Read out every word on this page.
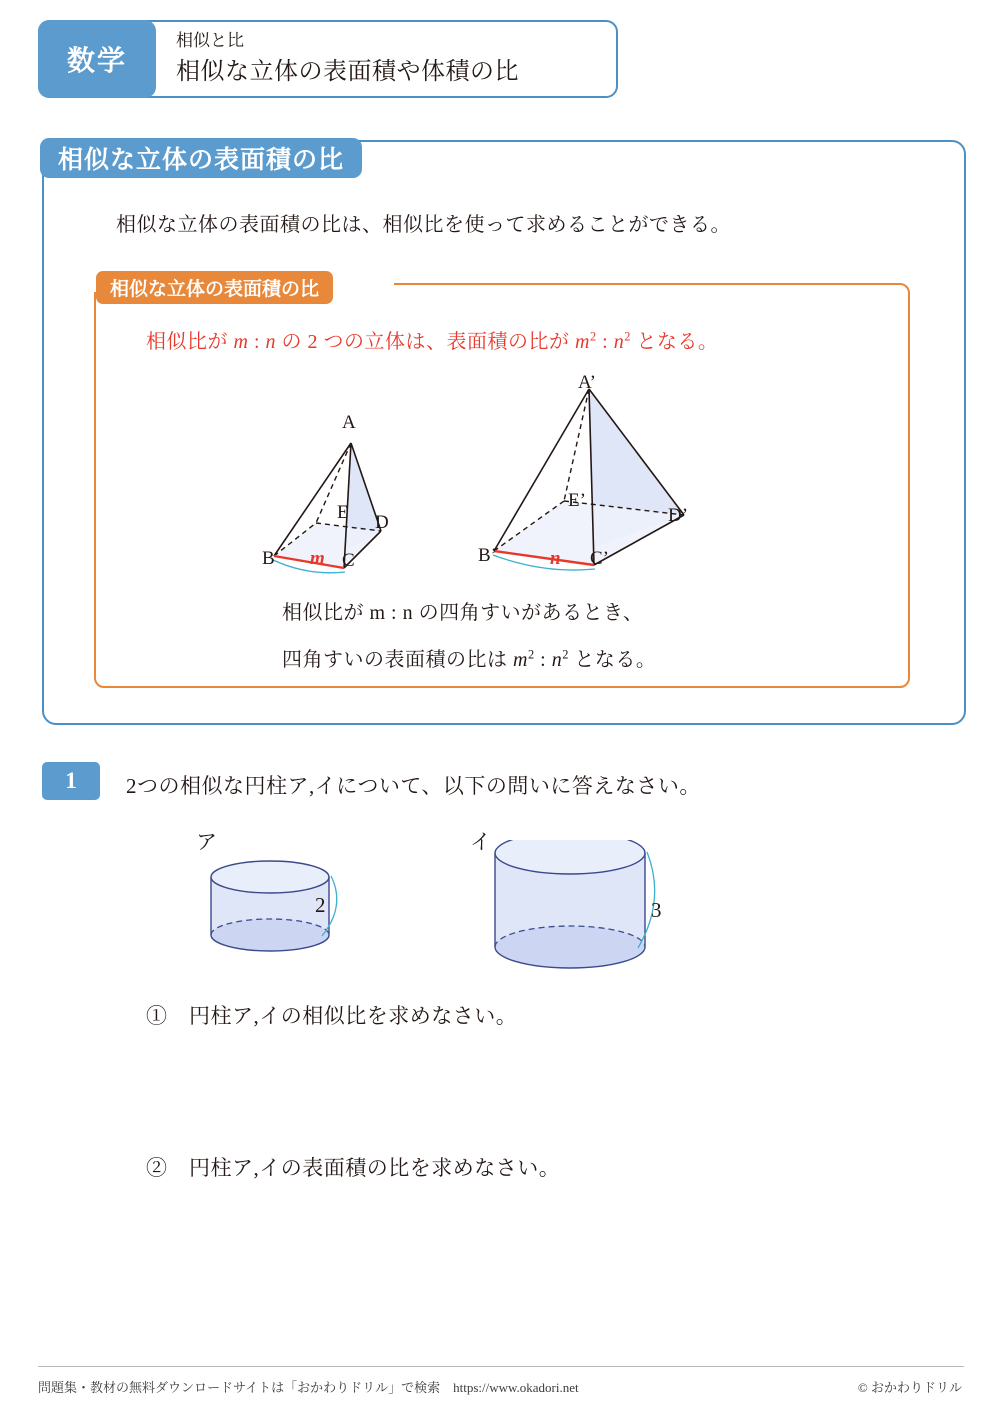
数学
相似と比
相似な立体の表面積や体積の比
相似な立体の表面積の比
相似な立体の表面積の比は、相似比を使って求めることができる。
相似な立体の表面積の比
相似比が m : n の 2 つの立体は、表面積の比が $m^2$ : $n^2$ となる。
A
E D
B	C
m
A’
E’
D’
B’	C’
n
相似比が m : n の四角すいがあるとき、
四角すいの表面積の比は $m^2$ : $n^2$ となる。
1	2つの相似な円柱ア,イについて、以下の問いに答えなさい。
ア	イ
2	3
①　円柱ア,イの相似比を求めなさい。
②　円柱ア,イの表面積の比を求めなさい。
問題集・教材の無料ダウンロードサイトは「おかわりドリル」で検索　https://www.okadori.net	© おかわりドリル
